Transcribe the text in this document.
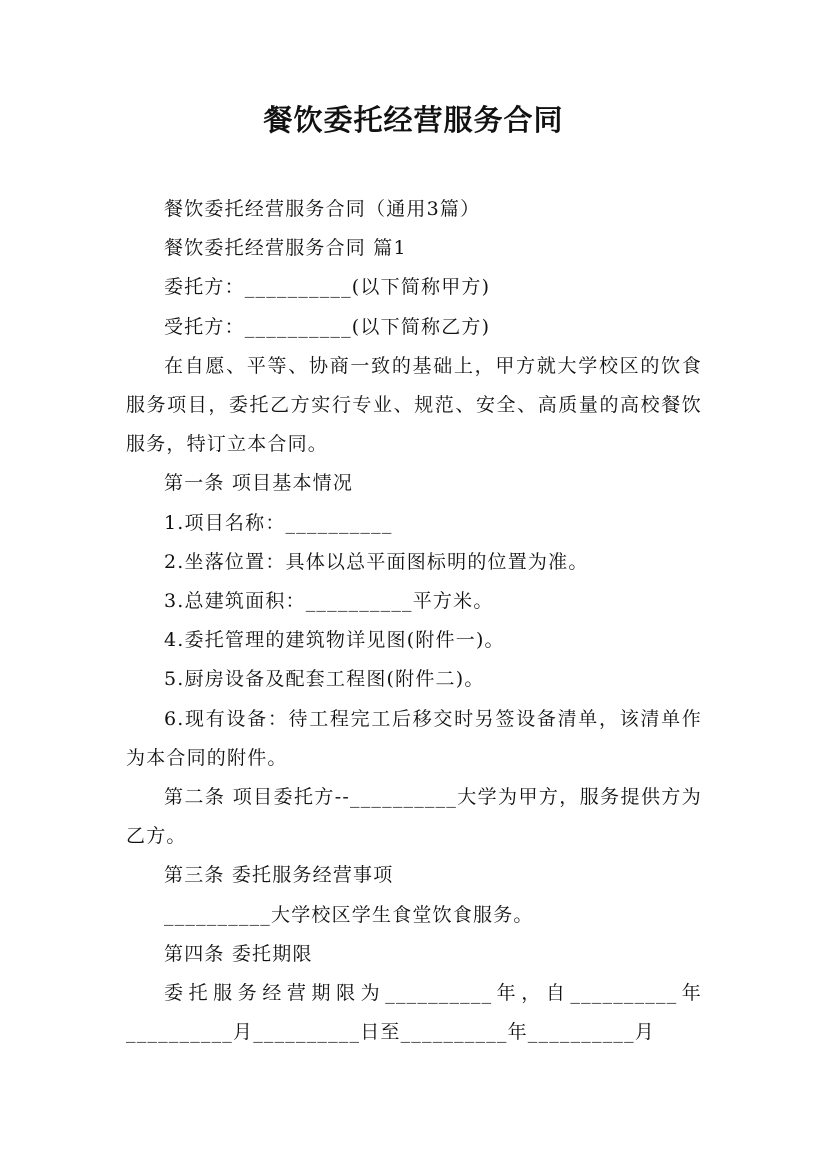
餐饮委托经营服务合同

餐饮委托经营服务合同（通用3篇）

餐饮委托经营服务合同 篇1

委托方：__________(以下简称甲方)

受托方：__________(以下简称乙方)

在自愿、平等、协商一致的基础上，甲方就大学校区的饮食服务项目，委托乙方实行专业、规范、安全、高质量的高校餐饮服务，特订立本合同。

第一条 项目基本情况

1.项目名称：__________

2.坐落位置：具体以总平面图标明的位置为准。

3.总建筑面积：__________平方米。

4.委托管理的建筑物详见图(附件一)。

5.厨房设备及配套工程图(附件二)。

6.现有设备：待工程完工后移交时另签设备清单，该清单作为本合同的附件。

第二条 项目委托方--__________大学为甲方，服务提供方为乙方。

第三条 委托服务经营事项

__________大学校区学生食堂饮食服务。

第四条 委托期限

委托服务经营期限为__________年，自__________年__________月__________日至__________年__________月
